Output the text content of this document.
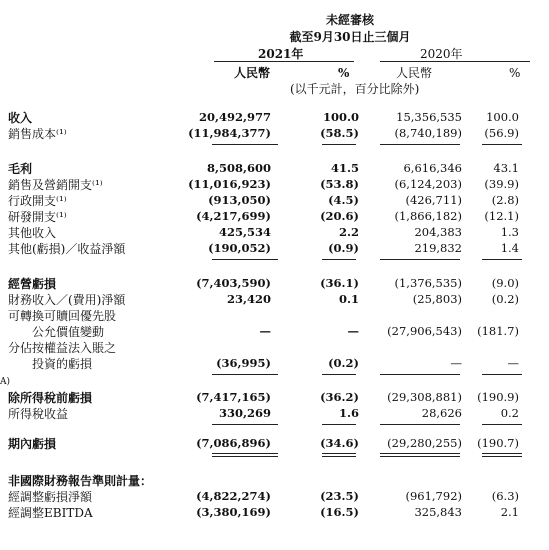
未經審核
截至9月30日止三個月
2021年	2020年
人民幣	%	人民幣	%
(以千元計，百分比除外)
A)
收入	20,492,977	100.0	15,356,535 100.0
銷售成本⁽¹⁾	(11,984,377)	(58.5)	(8,740,189) (56.9)
毛利	8,508,600	41.5	6,616,346	43.1
銷售及營銷開支⁽¹⁾	(11,016,923)	(53.8)	(6,124,203) (39.9)
行政開支⁽¹⁾	(913,050)	(4.5)	(426,711)	(2.8)
研發開支⁽¹⁾	(4,217,699)	(20.6)	(1,866,182) (12.1)
其他收入	425,534	2.2	204,383	1.3
其他(虧損)／收益淨額	(190,052)	(0.9)	219,832	1.4
經營虧損	(7,403,590)	(36.1)	(1,376,535)	(9.0)
財務收入／(費用)淨額	23,420	0.1	(25,803)	(0.2)
可轉換可贖回優先股
公允價值變動	—	— (27,906,543) (181.7)
分佔按權益法入賬之
投資的虧損	(36,995)	(0.2)	—	—
除所得稅前虧損	(7,417,165)	(36.2) (29,308,881) (190.9)
所得稅收益	330,269	1.6	28,626	0.2
期內虧損	(7,086,896)	(34.6) (29,280,255) (190.7)
非國際財務報告準則計量：
經調整虧損淨額	(4,822,274)	(23.5)	(961,792)	(6.3)
經調整EBITDA	(3,380,169)	(16.5)	325,843	2.1
